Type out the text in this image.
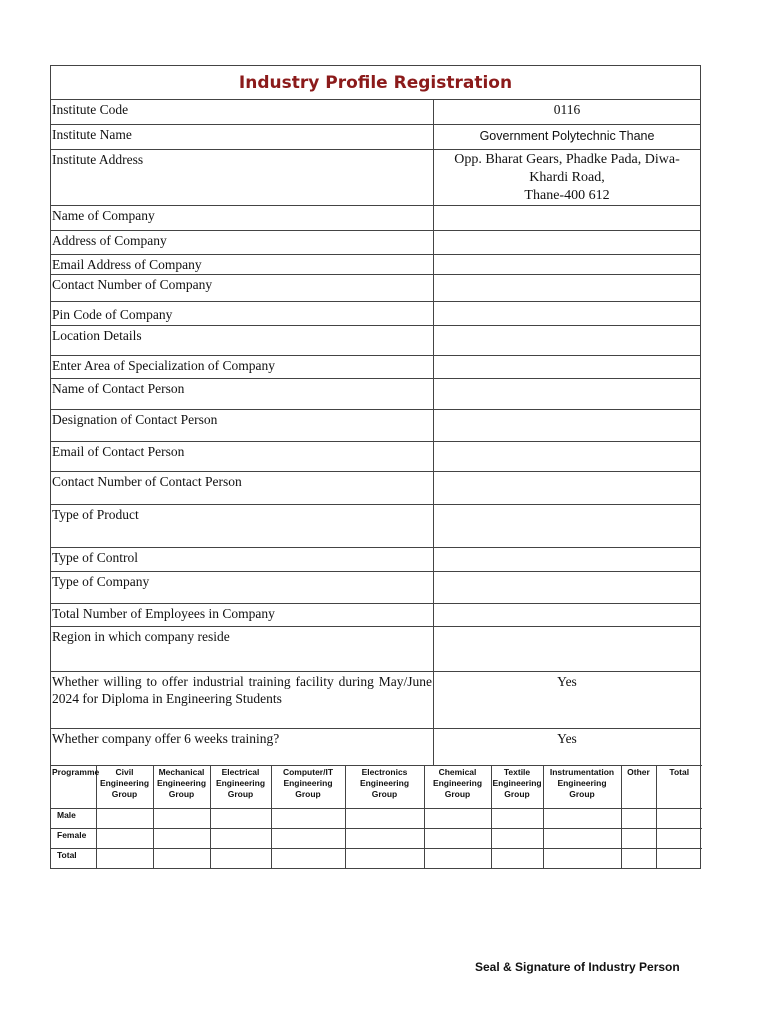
Industry Profile Registration
Institute Code	0116
Institute Name	Government Polytechnic Thane
Institute Address	Opp. Bharat Gears, Phadke Pada, Diwa-
Khardi Road,
Thane-400 612

Name of Company	
Address of Company	
Email Address of Company	
Contact Number of Company	
Pin Code of Company	
Location Details	
Enter Area of Specialization of Company	
Name of Contact Person	
Designation of Contact Person	
Email of Contact Person	
Contact Number of Contact Person	
Type of Product	
Type of Control	
Type of Company	
Total Number of Employees in Company	
Region in which company reside	
Whether willing to offer industrial training facility during May/June 2024 for Diploma in Engineering Students	Yes
Whether company offer 6 weeks training?	Yes
Programme	Civil Engineering Group	Mechanical Engineering Group	Electrical Engineering Group	Computer/IT Engineering Group	Electronics Engineering Group	Chemical Engineering Group	Textile Engineering Group	Instrumentation Engineering Group	Other	Total
Male										
Female										
Total										
Seal & Signature of Industry Person
